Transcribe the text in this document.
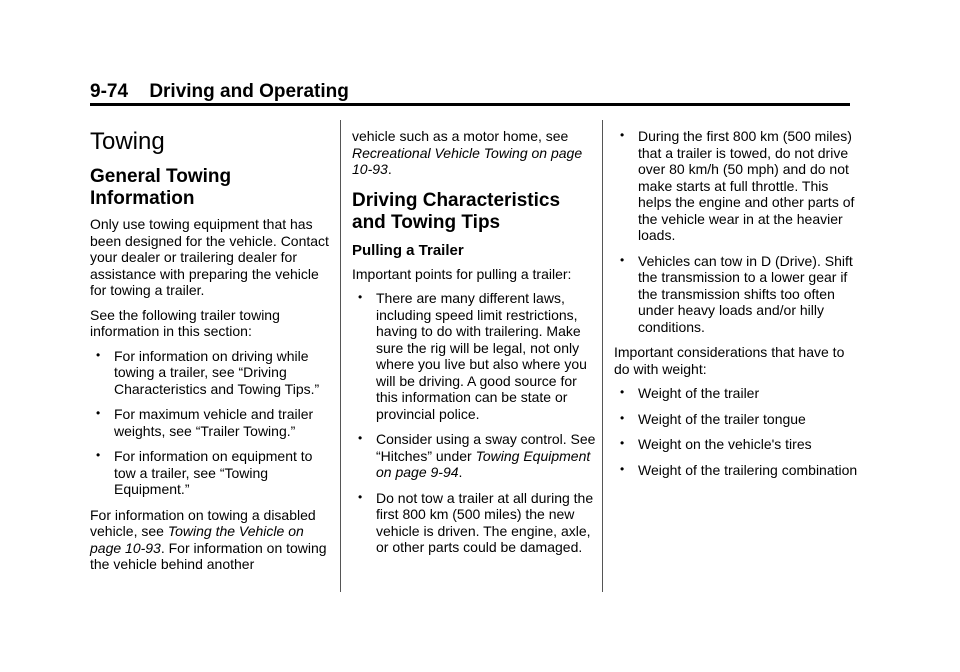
9-74 Driving and Operating
Towing
General Towing Information

Only use towing equipment that has been designed for the vehicle. Contact your dealer or trailering dealer for assistance with preparing the vehicle for towing a trailer.

See the following trailer towing information in this section:

• For information on driving while towing a trailer, see “Driving Characteristics and Towing Tips.”
• For maximum vehicle and trailer weights, see “Trailer Towing.”
• For information on equipment to tow a trailer, see “Towing Equipment.”

For information on towing a disabled vehicle, see Towing the Vehicle on page 10-93. For information on towing the vehicle behind another

vehicle such as a motor home, see Recreational Vehicle Towing on page 10-93.

Driving Characteristics and Towing Tips
Pulling a Trailer

Important points for pulling a trailer:

• There are many different laws, including speed limit restrictions, having to do with trailering. Make sure the rig will be legal, not only where you live but also where you will be driving. A good source for this information can be state or provincial police.
• Consider using a sway control. See “Hitches” under Towing Equipment on page 9-94.
• Do not tow a trailer at all during the first 800 km (500 miles) the new vehicle is driven. The engine, axle, or other parts could be damaged.
• During the first 800 km (500 miles) that a trailer is towed, do not drive over 80 km/h (50 mph) and do not make starts at full throttle. This helps the engine and other parts of the vehicle wear in at the heavier loads.
• Vehicles can tow in D (Drive). Shift the transmission to a lower gear if the transmission shifts too often under heavy loads and/or hilly conditions.

Important considerations that have to do with weight:

• Weight of the trailer
• Weight of the trailer tongue
• Weight on the vehicle's tires
• Weight of the trailering combination
